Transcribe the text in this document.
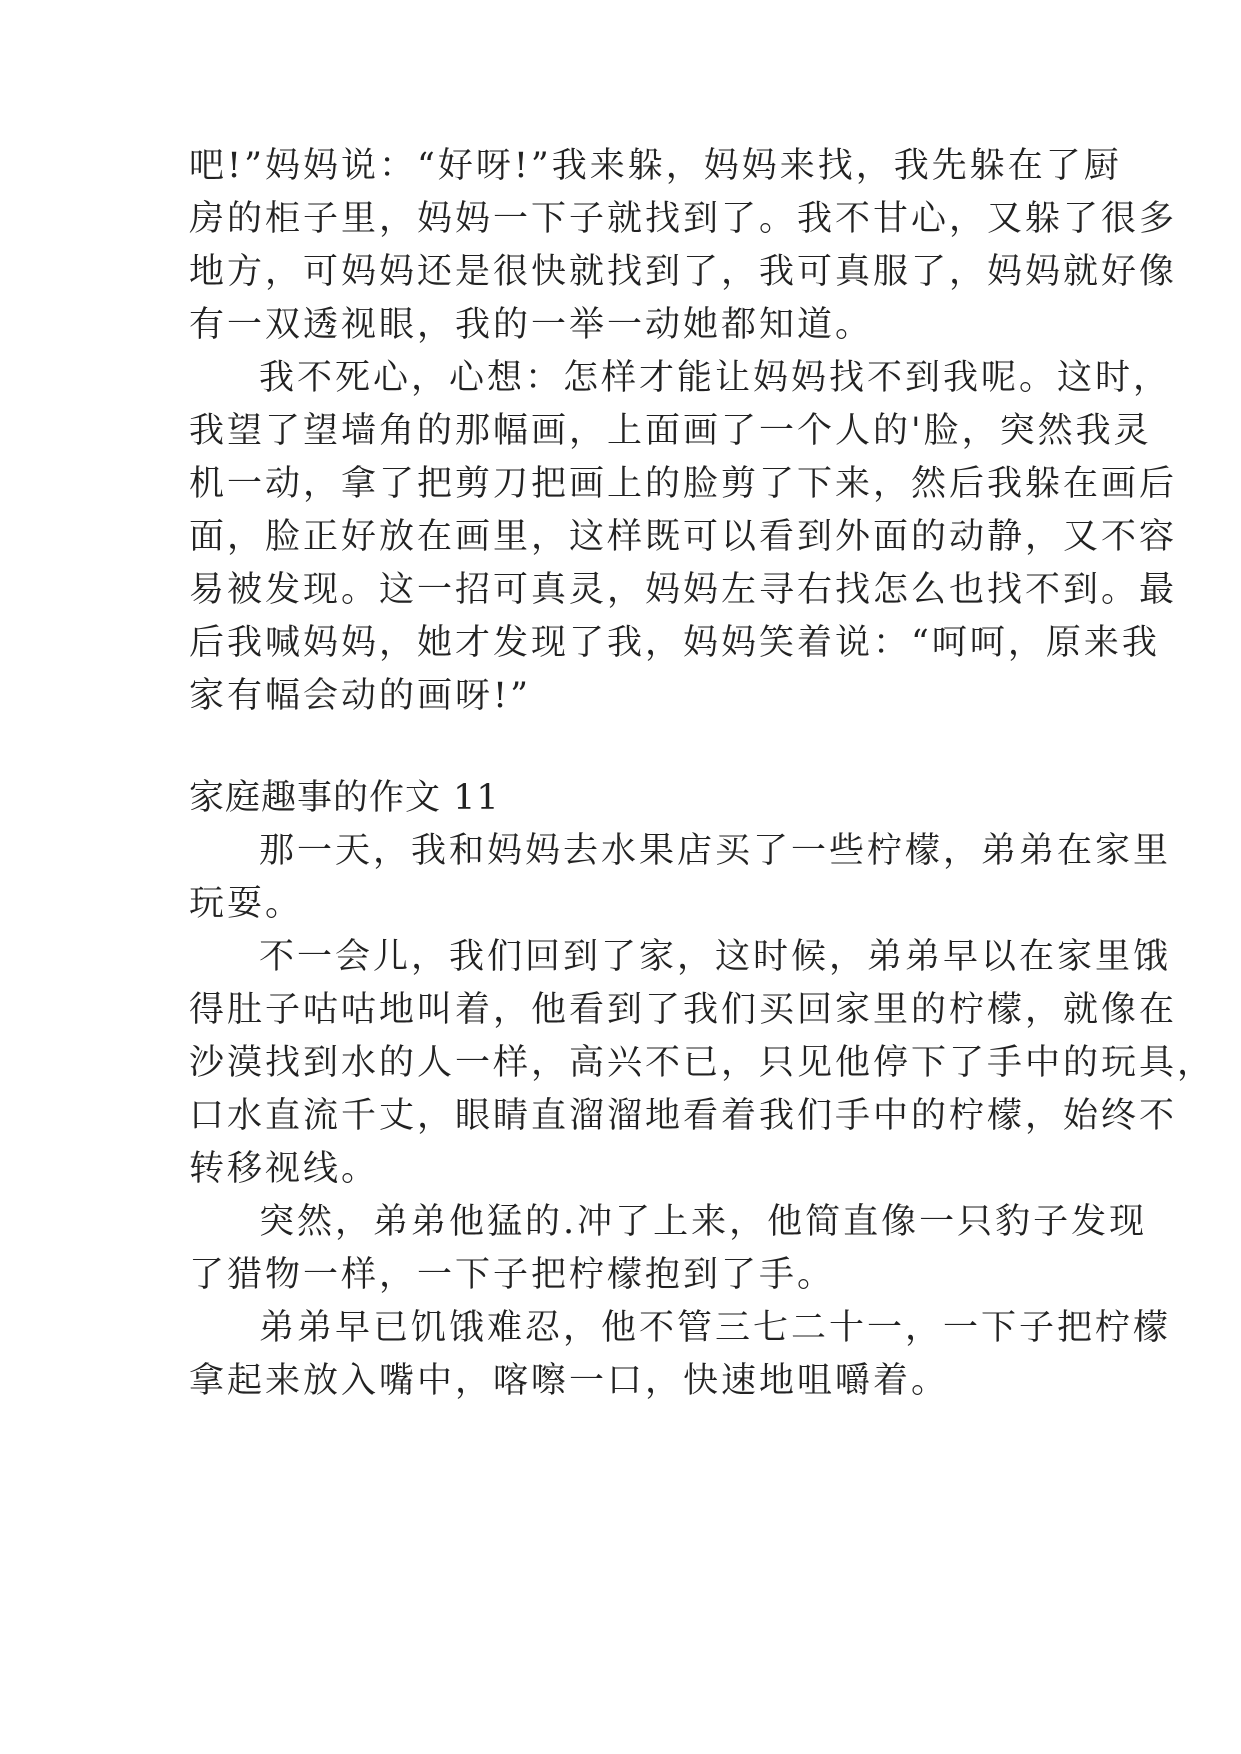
吧!”妈妈说：“好呀!”我来躲，妈妈来找，我先躲在了厨
房的柜子里，妈妈一下子就找到了。我不甘心，又躲了很多
地方，可妈妈还是很快就找到了，我可真服了，妈妈就好像
有一双透视眼，我的一举一动她都知道。
我不死心，心想：怎样才能让妈妈找不到我呢。这时，
我望了望墙角的那幅画，上面画了一个人的'脸，突然我灵
机一动，拿了把剪刀把画上的脸剪了下来，然后我躲在画后
面，脸正好放在画里，这样既可以看到外面的动静，又不容
易被发现。这一招可真灵，妈妈左寻右找怎么也找不到。最
后我喊妈妈，她才发现了我，妈妈笑着说：“呵呵，原来我
家有幅会动的画呀!”
家庭趣事的作文 11
那一天，我和妈妈去水果店买了一些柠檬，弟弟在家里
玩耍。
不一会儿，我们回到了家，这时候，弟弟早以在家里饿
得肚子咕咕地叫着，他看到了我们买回家里的柠檬，就像在
沙漠找到水的人一样，高兴不已，只见他停下了手中的玩具，
口水直流千丈，眼睛直溜溜地看着我们手中的柠檬，始终不
转移视线。
突然，弟弟他猛的.冲了上来，他简直像一只豹子发现
了猎物一样，一下子把柠檬抱到了手。
弟弟早已饥饿难忍，他不管三七二十一，一下子把柠檬
拿起来放入嘴中，喀嚓一口，快速地咀嚼着。
